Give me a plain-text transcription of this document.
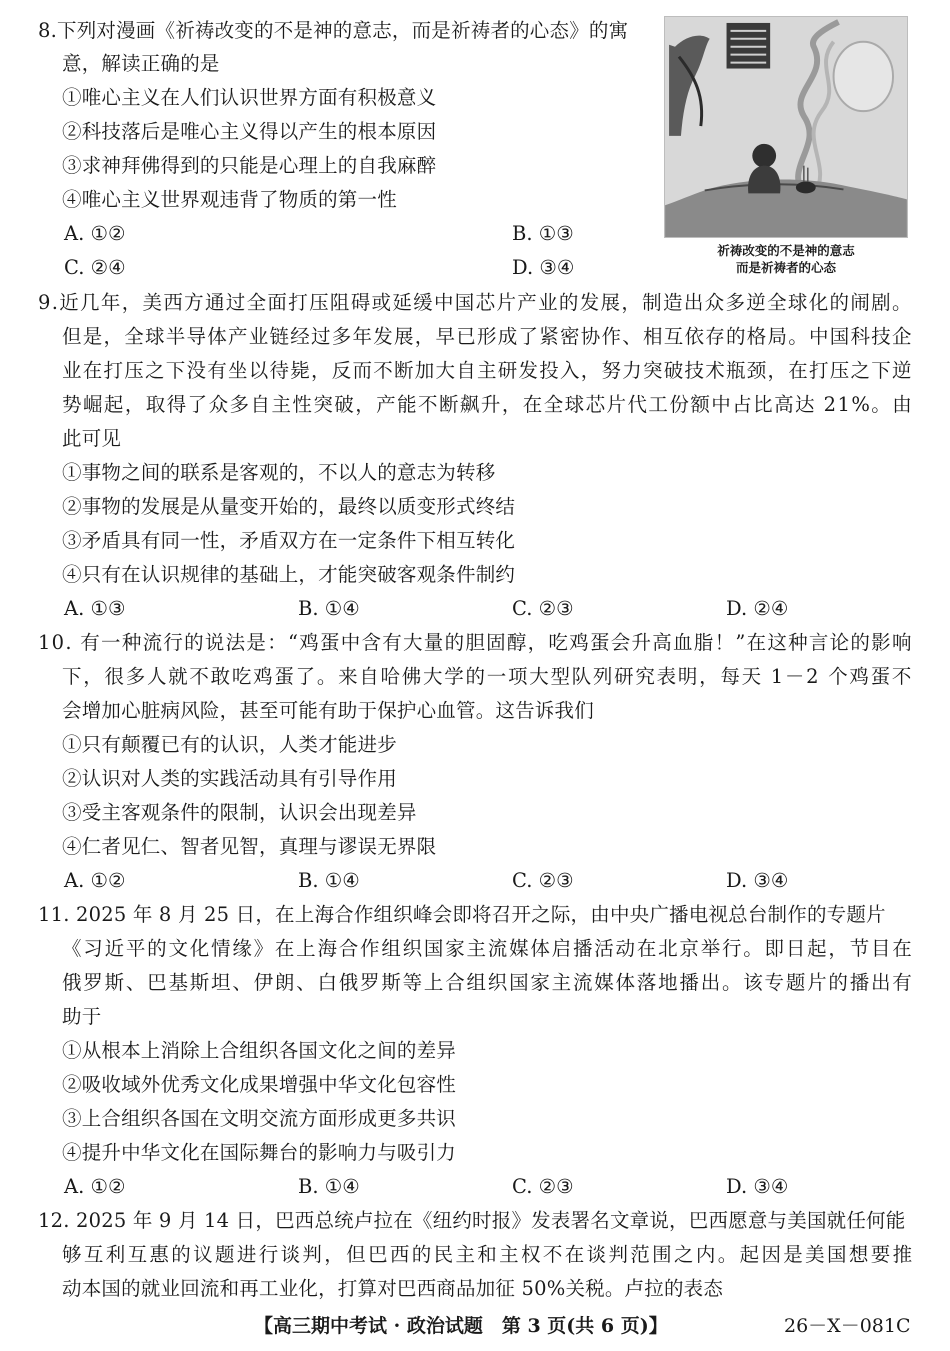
8.下列对漫画《祈祷改变的不是神的意志，而是祈祷者的心态》的寓
意，解读正确的是
①唯心主义在人们认识世界方面有积极意义
②科技落后是唯心主义得以产生的根本原因
③求神拜佛得到的只能是心理上的自我麻醉
④唯心主义世界观违背了物质的第一性
A. ①②	B. ①③
C. ②④	D. ③④
祈祷改变的不是神的意志
而是祈祷者的心态
9.近几年，美西方通过全面打压阻碍或延缓中国芯片产业的发展，制造出众多逆全球化的闹剧。
但是，全球半导体产业链经过多年发展，早已形成了紧密协作、相互依存的格局。中国科技企
业在打压之下没有坐以待毙，反而不断加大自主研发投入，努力突破技术瓶颈，在打压之下逆
势崛起，取得了众多自主性突破，产能不断飙升，在全球芯片代工份额中占比高达 21%。由
此可见
①事物之间的联系是客观的，不以人的意志为转移
②事物的发展是从量变开始的，最终以质变形式终结
③矛盾具有同一性，矛盾双方在一定条件下相互转化
④只有在认识规律的基础上，才能突破客观条件制约
A. ①③	B. ①④	C. ②③	D. ②④
10. 有一种流行的说法是：“鸡蛋中含有大量的胆固醇，吃鸡蛋会升高血脂！”在这种言论的影响
下，很多人就不敢吃鸡蛋了。来自哈佛大学的一项大型队列研究表明，每天 1－2 个鸡蛋不
会增加心脏病风险，甚至可能有助于保护心血管。这告诉我们
①只有颠覆已有的认识，人类才能进步
②认识对人类的实践活动具有引导作用
③受主客观条件的限制，认识会出现差异
④仁者见仁、智者见智，真理与谬误无界限
A. ①②	B. ①④	C. ②③	D. ③④
11. 2025 年 8 月 25 日，在上海合作组织峰会即将召开之际，由中央广播电视总台制作的专题片
《习近平的文化情缘》在上海合作组织国家主流媒体启播活动在北京举行。即日起，节目在
俄罗斯、巴基斯坦、伊朗、白俄罗斯等上合组织国家主流媒体落地播出。该专题片的播出有
助于
①从根本上消除上合组织各国文化之间的差异
②吸收域外优秀文化成果增强中华文化包容性
③上合组织各国在文明交流方面形成更多共识
④提升中华文化在国际舞台的影响力与吸引力
A. ①②	B. ①④	C. ②③	D. ③④
12. 2025 年 9 月 14 日，巴西总统卢拉在《纽约时报》发表署名文章说，巴西愿意与美国就任何能
够互利互惠的议题进行谈判，但巴西的民主和主权不在谈判范围之内。起因是美国想要推
动本国的就业回流和再工业化，打算对巴西商品加征 50%关税。卢拉的表态
【高三期中考试 · 政治试题　第 3 页(共 6 页)】	26－X－081C
